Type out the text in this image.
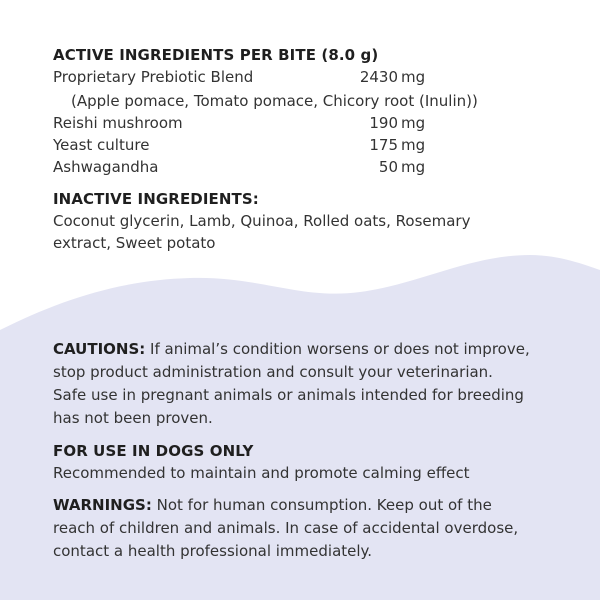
ACTIVE INGREDIENTS PER BITE (8.0 g)
Proprietary Prebiotic Blend	2430 mg
(Apple pomace, Tomato pomace, Chicory root (Inulin))
Reishi mushroom	190 mg
Yeast culture	175 mg
Ashwagandha	50 mg
INACTIVE INGREDIENTS:
Coconut glycerin, Lamb, Quinoa, Rolled oats, Rosemary
extract, Sweet potato
CAUTIONS: If animal’s condition worsens or does not improve,
stop product administration and consult your veterinarian.
Safe use in pregnant animals or animals intended for breeding
has not been proven.
FOR USE IN DOGS ONLY
Recommended to maintain and promote calming effect
WARNINGS: Not for human consumption. Keep out of the
reach of children and animals. In case of accidental overdose,
contact a health professional immediately.
